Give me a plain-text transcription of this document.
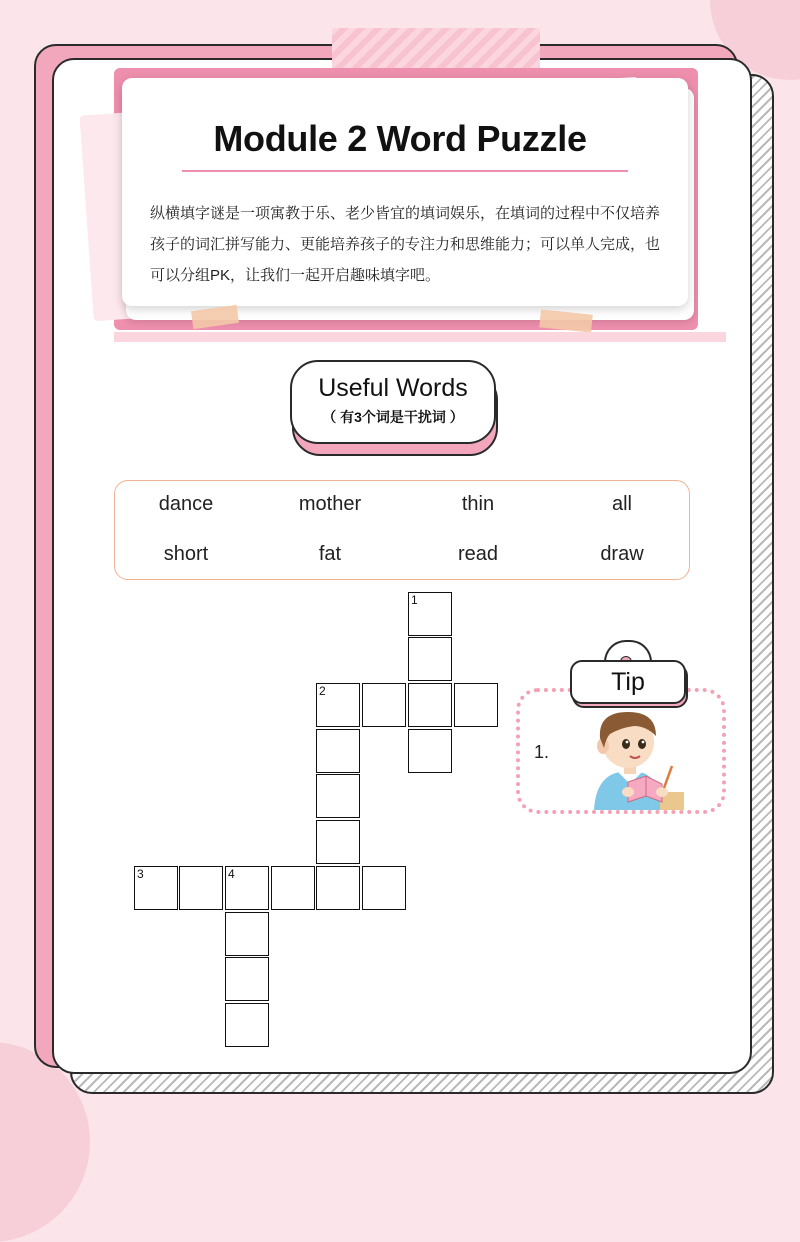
Module 2 Word Puzzle
纵横填字谜是一项寓教于乐、老少皆宜的填词娱乐，在填词的过程中不仅培养孩子的词汇拼写能力、更能培养孩子的专注力和思维能力；可以单人完成，也可以分组PK，让我们一起开启趣味填字吧。
Useful Words
（ 有3个词是干扰词 ）
dance	mother	thin	all
short	fat	read	draw
1
2
3	4
Tip
1.
